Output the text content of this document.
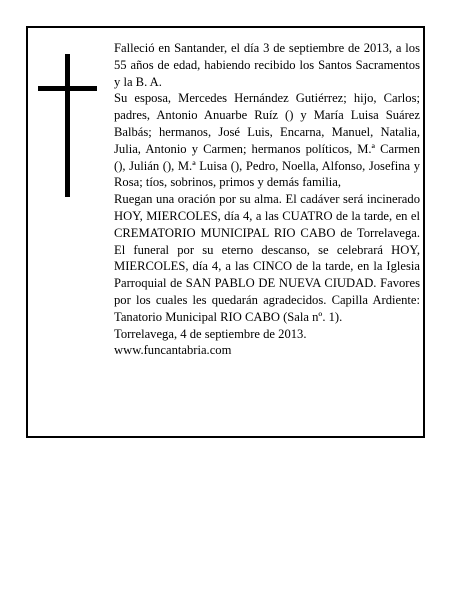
Falleció en Santander, el día 3 de septiembre de 2013, a los 55 años de edad, habiendo recibido los Santos Sacramentos y la B. A.

Su esposa, Mercedes Hernández Gutiérrez; hijo, Carlos; padres, Antonio Anuarbe Ruíz () y María Luisa Suárez Balbás; hermanos, José Luis, Encarna, Manuel, Natalia, Julia, Antonio y Carmen; hermanos políticos, M.ª Carmen (), Julián (), M.ª Luisa (), Pedro, Noella, Alfonso, Josefina y Rosa; tíos, sobrinos, primos y demás familia,

Ruegan una oración por su alma. El cadáver será incinerado HOY, MIERCOLES, día 4, a las CUATRO de la tarde, en el CREMATORIO MUNICIPAL RIO CABO de Torrelavega. El funeral por su eterno descanso, se celebrará HOY, MIERCOLES, día 4, a las CINCO de la tarde, en la Iglesia Parroquial de SAN PABLO DE NUEVA CIUDAD. Favores por los cuales les quedarán agradecidos. Capilla Ardiente: Tanatorio Municipal RIO CABO (Sala nº. 1).

Torrelavega, 4 de septiembre de 2013.

www.funcantabria.com
